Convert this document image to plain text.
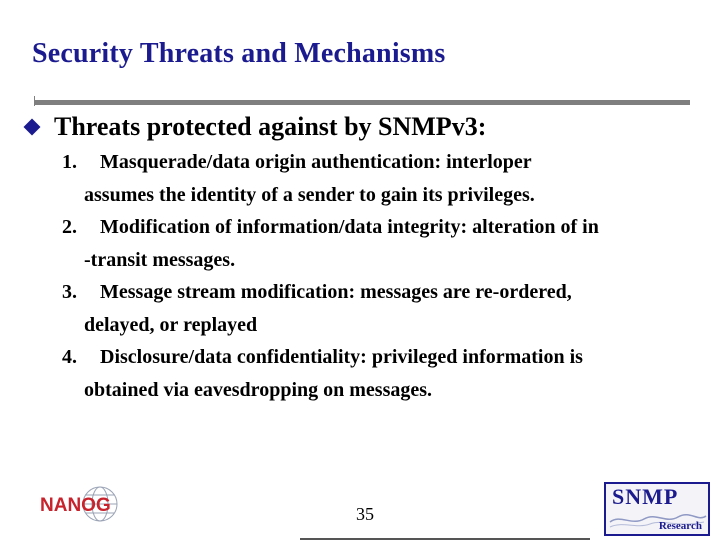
Security Threats and Mechanisms
Threats protected against by SNMPv3:
1. Masquerade/data origin authentication: interloper
assumes the identity of a sender to gain its privileges.
2. Modification of information/data integrity: alteration of in
-transit messages.
3. Message stream modification: messages are re-ordered,
delayed, or replayed
4. Disclosure/data confidentiality: privileged information is
obtained via eavesdropping on messages.
NANOG	35
SNMP
Research
